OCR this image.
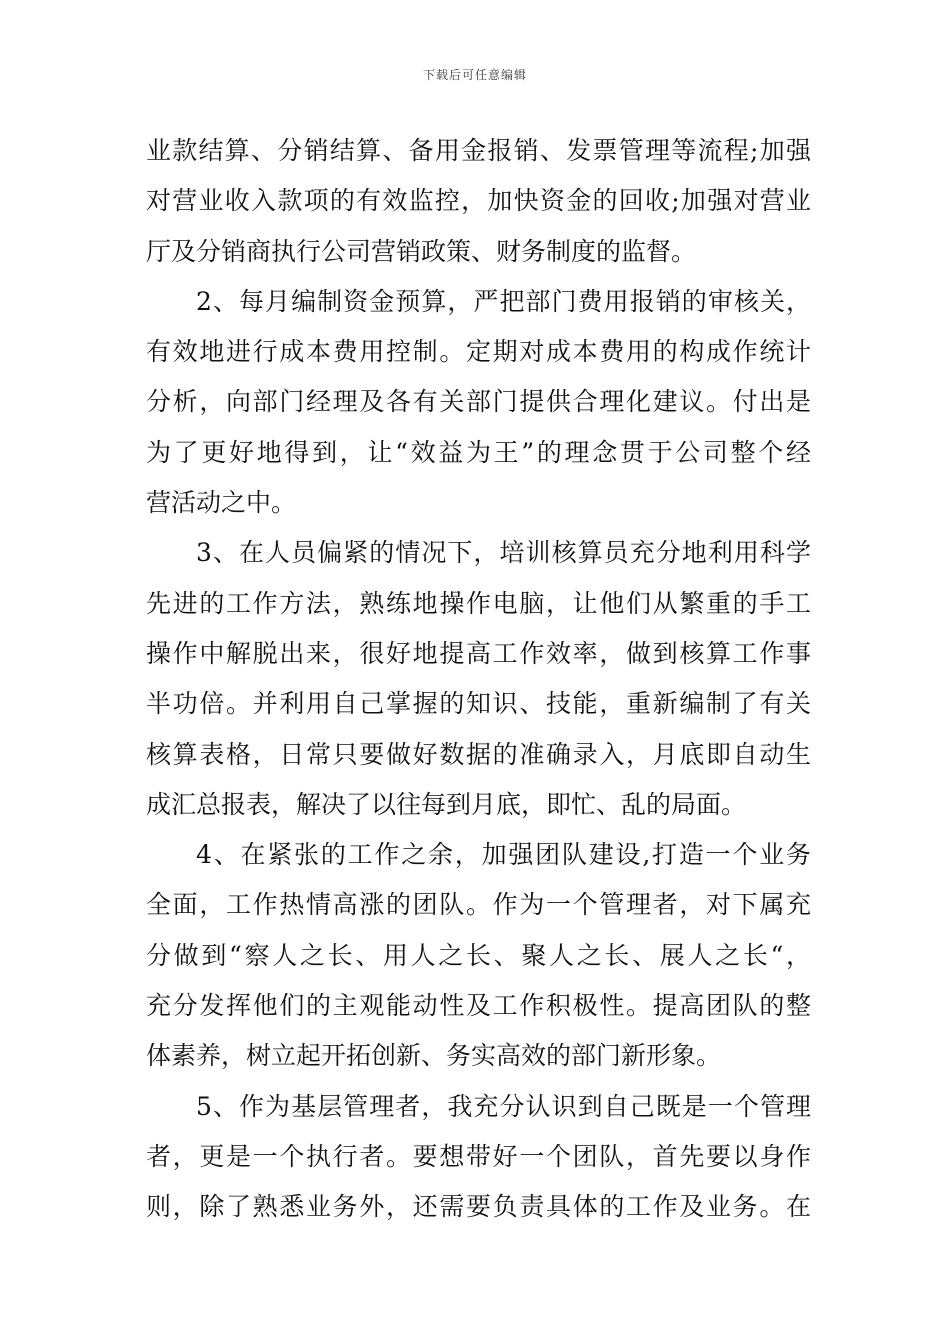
下载后可任意编辑
业款结算、分销结算、备用金报销、发票管理等流程;加强
对营业收入款项的有效监控，加快资金的回收;加强对营业
厅及分销商执行公司营销政策、财务制度的监督。
2、每月编制资金预算，严把部门费用报销的审核关，
有效地进行成本费用控制。定期对成本费用的构成作统计
分析，向部门经理及各有关部门提供合理化建议。付出是
为了更好地得到，让“效益为王”的理念贯于公司整个经
营活动之中。
3、在人员偏紧的情况下，培训核算员充分地利用科学
先进的工作方法，熟练地操作电脑，让他们从繁重的手工
操作中解脱出来，很好地提高工作效率，做到核算工作事
半功倍。并利用自己掌握的知识、技能，重新编制了有关
核算表格，日常只要做好数据的准确录入，月底即自动生
成汇总报表，解决了以往每到月底，即忙、乱的局面。
4、在紧张的工作之余，加强团队建设,打造一个业务
全面，工作热情高涨的团队。作为一个管理者，对下属充
分做到“察人之长、用人之长、聚人之长、展人之长“，
充分发挥他们的主观能动性及工作积极性。提高团队的整
体素养，树立起开拓创新、务实高效的部门新形象。
5、作为基层管理者，我充分认识到自己既是一个管理
者，更是一个执行者。要想带好一个团队，首先要以身作
则，除了熟悉业务外，还需要负责具体的工作及业务。在
